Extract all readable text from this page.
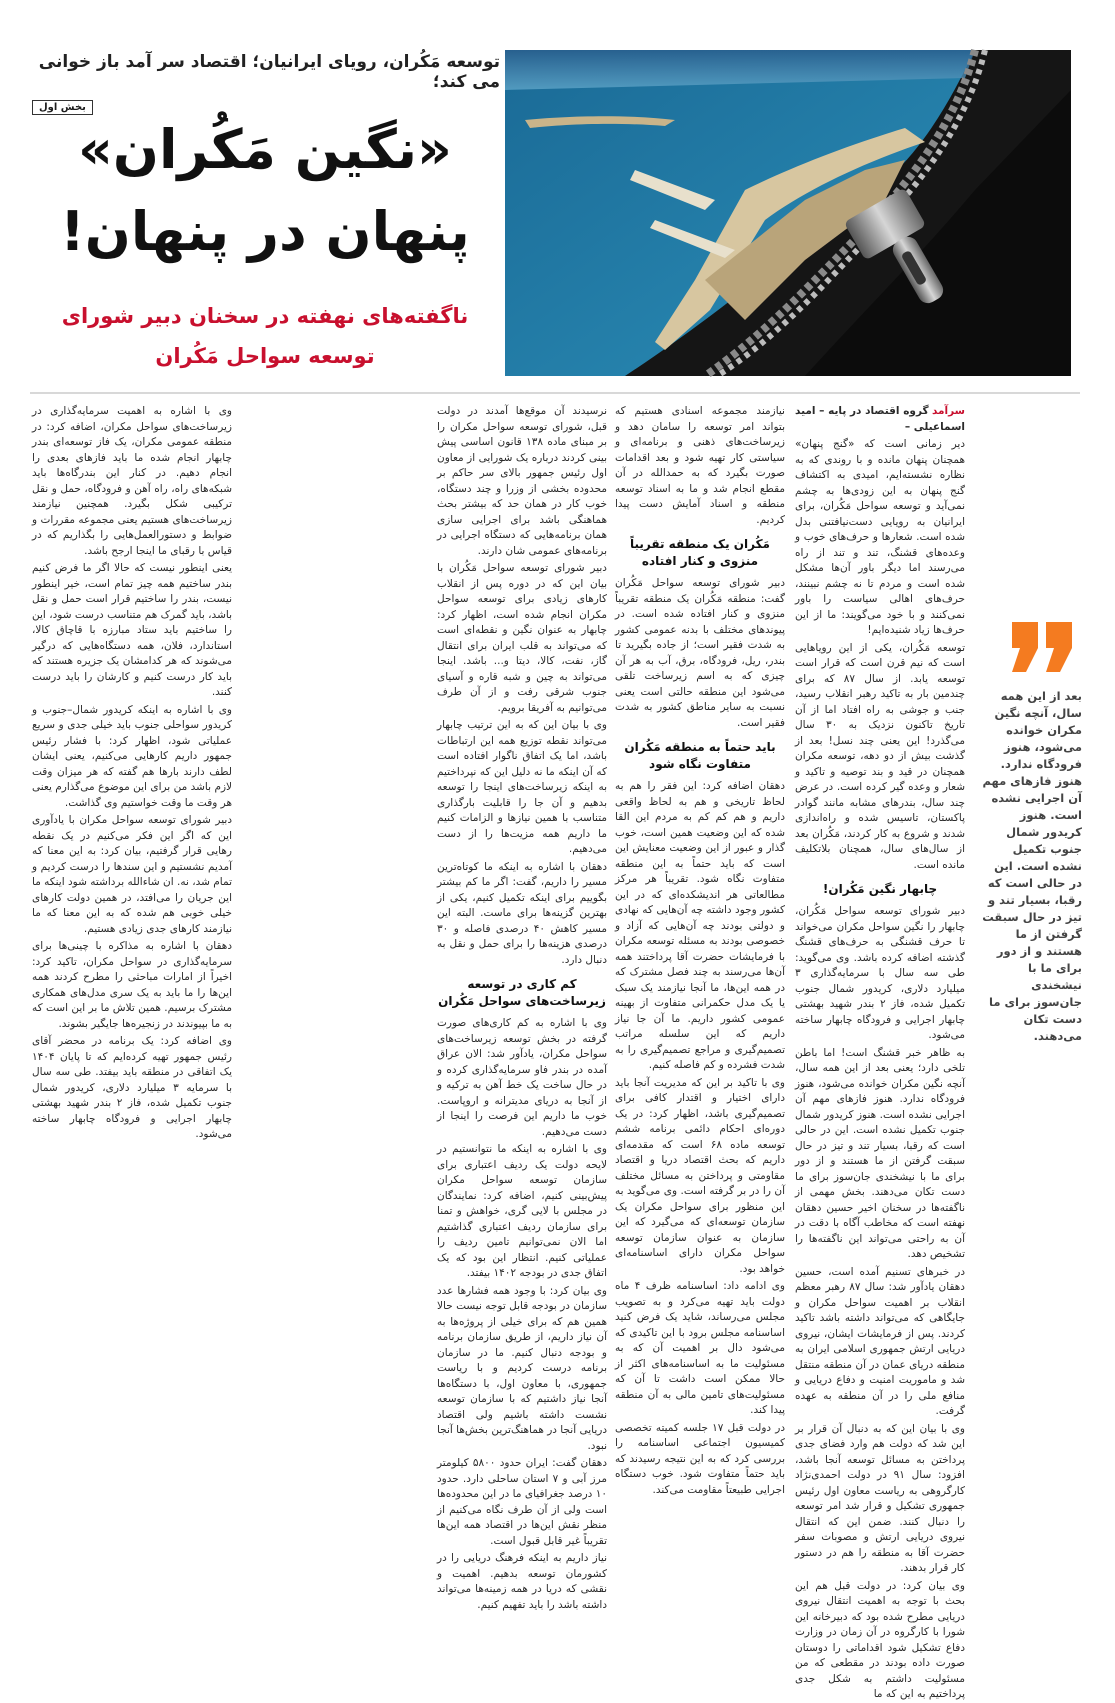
توسعه مَکُران، رویای ایرانیان؛ اقتصاد سر آمد باز خوانی می کند؛
بخش اول
«نگین مَکُران»
پنهان در پنهان!
ناگفته‌های نهفته در سخنان دبیر شورای توسعه سواحل مَکُران
بعد از این همه سال، آنچه نگین مکران خوانده می‌شود، هنوز فرودگاه ندارد. هنوز فازهای مهم آن اجرایی نشده است. هنوز کریدور شمال جنوب تکمیل نشده است. این در حالی است که رقبا، بسیار تند و تیز در حال سبقت گرفتن از ما هستند و از دور برای ما با نیشخندی جان‌سوز برای ما دست تکان می‌دهند.

سرآمد گروه اقتصاد در پایه – امید اسماعیلی –

دیر زمانی است که «گنج پنهان» همچنان پنهان مانده و با روندی که به نظاره نشسته‌ایم، امیدی به اکتشاف گنج پنهان به این زودی‌ها به چشم نمی‌آید و توسعه سواحل مَکُران، برای ایرانیان به رویایی دست‌نیافتنی بدل شده است. شعارها و حرف‌های خوب و وعده‌های قشنگ، تند و تند از راه می‌رسند اما دیگر باور آن‌ها مشکل شده است و مردم تا نه چشم نبینند، حرف‌های اهالی سیاست را باور نمی‌کنند و با خود می‌گویند: ما از این حرف‌ها زیاد شنیده‌ایم!

توسعه مَکُران، یکی از این رویاهایی است که نیم قرن است که قرار است توسعه یابد. از سال ۸۷ که برای چندمین بار به تاکید رهبر انقلاب رسید، جنب و جوشی به راه افتاد اما از آن تاریخ تاکنون نزدیک به ۳۰ سال می‌گذرد! این یعنی چند نسل! بعد از گذشت بیش از دو دهه، توسعه مکران همچنان در قید و بند توصیه و تاکید و شعار و وعده گیر کرده است. در عرض چند سال، بندرهای مشابه مانند گوادر پاکستان، تاسیس شده و راه‌اندازی شدند و شروع به کار کردند، مَکُران بعد از سال‌های سال، همچنان بلاتکلیف مانده است.

چابهار نگین مَکُران!

دبیر شورای توسعه سواحل مَکُران، چابهار را نگین سواحل مکران می‌خواند تا حرف قشنگی به حرف‌های قشنگ گذشته اضافه کرده باشد. وی می‌گوید: طی سه سال با سرمایه‌گذاری ۳ میلیارد دلاری، کریدور شمال جنوب تکمیل شده، فاز ۲ بندر شهید بهشتی چابهار اجرایی و فرودگاه چابهار ساخته می‌شود.

به ظاهر خبر قشنگ است! اما باطن تلخی دارد؛ یعنی بعد از این همه سال، آنچه نگین مکران خوانده می‌شود، هنوز فرودگاه ندارد. هنوز فازهای مهم آن اجرایی نشده است. هنوز کریدور شمال جنوب تکمیل نشده است. این در حالی است که رقبا، بسیار تند و تیز در حال سبقت گرفتن از ما هستند و از دور برای ما با نیشخندی جان‌سوز برای ما دست تکان می‌دهند. بخش مهمی از ناگفته‌ها در سخنان اخیر حسین دهقان نهفته است که مخاطب آگاه با دقت در آن به راحتی می‌تواند این ناگفته‌ها را تشخیص دهد.

در خبرهای تسنیم آمده است، حسین دهقان یادآور شد: سال ۸۷ رهبر معظم انقلاب بر اهمیت سواحل مکران و جایگاهی که می‌تواند داشته باشد تاکید کردند. پس از فرمایشات ایشان، نیروی دریایی ارتش جمهوری اسلامی ایران به منطقه دریای عمان در آن منطقه منتقل شد و ماموریت امنیت و دفاع دریایی و منافع ملی را در آن منطقه به عهده گرفت.

وی با بیان این که به دنبال آن قرار بر این شد که دولت هم وارد فضای جدی پرداختن به مسائل توسعه آنجا باشد، افزود: سال ۹۱ در دولت احمدی‌نژاد کارگروهی به ریاست معاون اول رئیس جمهوری تشکیل و قرار شد امر توسعه را دنبال کنند. ضمن این که انتقال نیروی دریایی ارتش و مصوبات سفر حضرت آقا به منطقه را هم در دستور کار قرار بدهند.

وی بیان کرد: در دولت قبل هم این بحث با توجه به اهمیت انتقال نیروی دریایی مطرح شده بود که دبیرخانه این شورا با کارگروه در آن زمان در وزارت دفاع تشکیل شود اقداماتی را دوستان صورت داده بودند در مقطعی که من مسئولیت داشتم به شکل جدی پرداختیم به این که ما

نیازمند مجموعه اسنادی هستیم که بتواند امر توسعه را سامان دهد و زیرساخت‌های ذهنی و برنامه‌ای و سیاستی کار تهیه شود و بعد اقدامات صورت بگیرد که به حمدالله در آن مقطع انجام شد و ما به اسناد توسعه منطقه و اسناد آمایش دست پیدا کردیم.

مَکُران یک منطقه تقریباً منزوی و کنار افتاده

دبیر شورای توسعه سواحل مَکُران گفت: منطقه مَکُران یک منطقه تقریباً منزوی و کنار افتاده شده است. در پیوندهای مختلف با بدنه عمومی کشور به شدت فقیر است؛ از جاده بگیرید تا بندر، ریل، فرودگاه، برق، آب به هر آن چیزی که به اسم زیرساخت تلقی می‌شود این منطقه حالتی است یعنی نسبت به سایر مناطق کشور به شدت فقیر است.

باید حتماً به منطقه مَکُران متفاوت نگاه شود

دهقان اضافه کرد: این فقر را هم به لحاظ تاریخی و هم به لحاظ واقعی داریم و هم کم کم به مردم این القا شده که این وضعیت همین است، خوب گذار و عبور از این وضعیت معنایش این است که باید حتماً به این منطقه متفاوت نگاه شود. تقریباً هر مرکز مطالعاتی هر اندیشکده‌ای که در این کشور وجود داشته چه آن‌هایی که نهادی و دولتی بودند چه آن‌هایی که آزاد و خصوصی بودند به مسئله توسعه مکران با فرمایشات حضرت آقا پرداختند همه آن‌ها می‌رسند به چند فصل مشترک که در همه این‌ها، ما آنجا نیازمند یک سبک یا یک مدل حکمرانی متفاوت از بهینه عمومی کشور داریم. ما آن جا نیاز داریم که این سلسله مراتب تصمیم‌گیری و مراجع تصمیم‌گیری را به شدت فشرده و کم فاصله کنیم.

وی با تاکید بر این که مدیریت آنجا باید دارای اختیار و اقتدار کافی برای تصمیم‌گیری باشد، اظهار کرد: در یک دوره‌ای احکام دائمی برنامه ششم توسعه ماده ۶۸ است که مقدمه‌ای داریم که بحث اقتصاد دریا و اقتصاد مقاومتی و پرداختن به مسائل مختلف آن را در بر گرفته است. وی می‌گوید به این منظور برای سواحل مکران یک سازمان توسعه‌ای که می‌گیرد که این سازمان به عنوان سازمان توسعه سواحل مکران دارای اساسنامه‌ای خواهد بود.

وی ادامه داد: اساسنامه ظرف ۴ ماه دولت باید تهیه می‌کرد و به تصویب مجلس می‌رساند، شاید یک فرض کنید اساسنامه مجلس برود با این تاکیدی که می‌شود دال بر اهمیت آن که به مسئولیت ما به اساسنامه‌های اکثر از حالا ممکن است داشت تا آن که مسئولیت‌های تامین مالی به آن منطقه پیدا کند.

در دولت قبل ۱۷ جلسه کمیته تخصصی کمیسیون اجتماعی اساسنامه را بررسی کرد که به این نتیجه رسیدند که باید حتماً متفاوت شود. خوب دستگاه اجرایی طبیعتاً مقاومت می‌کند.

نرسیدند آن موقع‌ها آمدند در دولت قبل، شورای توسعه سواحل مکران را بر مبنای ماده ۱۳۸ قانون اساسی پیش بینی کردند درباره یک شورایی از معاون اول رئیس جمهور بالای سر حاکم بر محدوده بخشی از وزرا و چند دستگاه، خوب کار در همان حد که بیشتر بحث هماهنگی باشد برای اجرایی سازی همان برنامه‌هایی که دستگاه اجرایی در برنامه‌های عمومی شان دارند.

دبیر شورای توسعه سواحل مَکُران با بیان این که در دوره پس از انقلاب کارهای زیادی برای توسعه سواحل مکران انجام شده است، اظهار کرد: چابهار به عنوان نگین و نقطه‌ای است که می‌تواند به قلب ایران برای انتقال گاز، نفت، کالا، دیتا و... باشد. اینجا می‌تواند به چین و شبه قاره و آسیای جنوب شرقی رفت و از آن طرف می‌توانیم به آفریقا برویم.

وی با بیان این که به این ترتیب چابهار می‌تواند نقطه توزیع همه این ارتباطات باشد، اما یک اتفاق ناگوار افتاده است که آن اینکه ما نه دلیل این که نپرداختیم به اینکه زیرساخت‌های اینجا را توسعه بدهیم و آن جا را قابلیت بارگذاری متناسب با همین نیازها و الزامات کنیم ما داریم همه مزیت‌ها را از دست می‌دهیم.

دهقان با اشاره به اینکه ما کوتاه‌ترین مسیر را داریم، گفت: اگر ما کم بیشتر بگوییم برای اینکه تکمیل کنیم، یکی از بهترین گزینه‌ها برای ماست. البته این مسیر کاهش ۴۰ درصدی فاصله و ۳۰ درصدی هزینه‌ها را برای حمل و نقل به دنبال دارد.

کم کاری در توسعه زیرساخت‌های سواحل مَکُران

وی با اشاره به کم کاری‌های صورت گرفته در بخش توسعه زیرساخت‌های سواحل مکران، یادآور شد: الان عراق آمده در بندر فاو سرمایه‌گذاری کرده و در حال ساخت یک خط آهن به ترکیه و از آنجا به دریای مدیترانه و اروپاست. خوب ما داریم این فرصت را اینجا از دست می‌دهیم.

وی با اشاره به اینکه ما نتوانستیم در لایحه دولت یک ردیف اعتباری برای سازمان توسعه سواحل مکران پیش‌بینی کنیم، اضافه کرد: نمایندگان در مجلس با لایی گری، خواهش و تمنا برای سازمان ردیف اعتباری گذاشتیم اما الان نمی‌توانیم تامین ردیف را عملیاتی کنیم. انتظار این بود که یک اتفاق جدی در بودجه ۱۴۰۲ بیفتد.

وی بیان کرد: با وجود همه فشارها عدد سازمان در بودجه قابل توجه نیست حالا همین هم که برای خیلی از پروژه‌ها به آن نیاز داریم، از طریق سازمان برنامه و بودجه دنبال کنیم. ما در سازمان برنامه درست کردیم و با ریاست جمهوری، با معاون اول، با دستگاه‌ها آنجا نیاز داشتیم که با سازمان توسعه نشست داشته باشیم ولی اقتصاد دریایی آنجا در هماهنگ‌ترین بخش‌ها آنجا نبود.

دهقان گفت: ایران حدود ۵۸۰۰ کیلومتر مرز آبی و ۷ استان ساحلی دارد. حدود ۱۰ درصد جغرافیای ما در این محدوده‌ها است ولی از آن طرف نگاه می‌کنیم از منظر نقش این‌ها در اقتصاد همه این‌ها تقریباً غیر قابل قبول است.

نیاز داریم به اینکه فرهنگ دریایی را در کشورمان توسعه بدهیم. اهمیت و نقشی که دریا در همه زمینه‌ها می‌تواند داشته باشد را باید تفهیم کنیم.

وی با اشاره به اهمیت سرمایه‌گذاری در زیرساخت‌های سواحل مکران، اضافه کرد: در منطقه عمومی مکران، یک فاز توسعه‌ای بندر چابهار انجام شده ما باید فازهای بعدی را انجام دهیم. در کنار این بندرگاه‌ها باید شبکه‌های راه، راه آهن و فرودگاه، حمل و نقل ترکیبی شکل بگیرد. همچنین نیازمند زیرساخت‌های هستیم یعنی مجموعه مقررات و ضوابط و دستورالعمل‌هایی را بگذاریم که در قیاس با رقبای ما اینجا ارجح باشد.

یعنی اینطور نیست که حالا اگر ما فرض کنیم بندر ساختیم همه چیز تمام است، خیر اینطور نیست، بندر را ساختیم قرار است حمل و نقل باشد، باید گمرک هم متناسب درست شود، این را ساختیم باید ستاد مبارزه با قاچاق کالا، استاندارد، فلان، همه دستگاه‌هایی که درگیر می‌شوند که هر کدامشان یک جزیره هستند که باید کار درست کنیم و کارشان را باید درست کنند.

وی با اشاره به اینکه کریدور شمال–جنوب و کریدور سواحلی جنوب باید خیلی جدی و سریع عملیاتی شود، اظهار کرد: با فشار رئیس جمهور داریم کارهایی می‌کنیم، یعنی ایشان لطف دارند بارها هم گفته که هر میزان وقت لازم باشد من برای این موضوع می‌گذارم یعنی هر وقت ما وقت خواستیم وی گذاشت.

دبیر شورای توسعه سواحل مکران با یادآوری این که اگر این فکر می‌کنیم در یک نقطه رهایی قرار گرفتیم، بیان کرد: به این معنا که آمدیم نشستیم و این سندها را درست کردیم و تمام شد، نه. ان شاءالله برداشته شود اینکه ما این جریان را می‌افتد، در همین دولت کارهای خیلی خوبی هم شده که به این معنا که ما نیازمند کارهای جدی زیادی هستیم.

دهقان با اشاره به مذاکره با چینی‌ها برای سرمایه‌گذاری در سواحل مکران، تاکید کرد: اخیراً از امارات مباحثی را مطرح کردند همه این‌ها را ما باید به یک سری مدل‌های همکاری مشترک برسیم. همین تلاش ما بر این است که به ما بپیوندند در زنجیره‌ها جایگیر بشوند.

وی اضافه کرد: یک برنامه در محضر آقای رئیس جمهور تهیه کرده‌ایم که تا پایان ۱۴۰۴ یک اتفاقی در منطقه باید بیفتد. طی سه سال با سرمایه ۳ میلیارد دلاری، کریدور شمال جنوب تکمیل شده، فاز ۲ بندر شهید بهشتی چابهار اجرایی و فرودگاه چابهار ساخته می‌شود.
